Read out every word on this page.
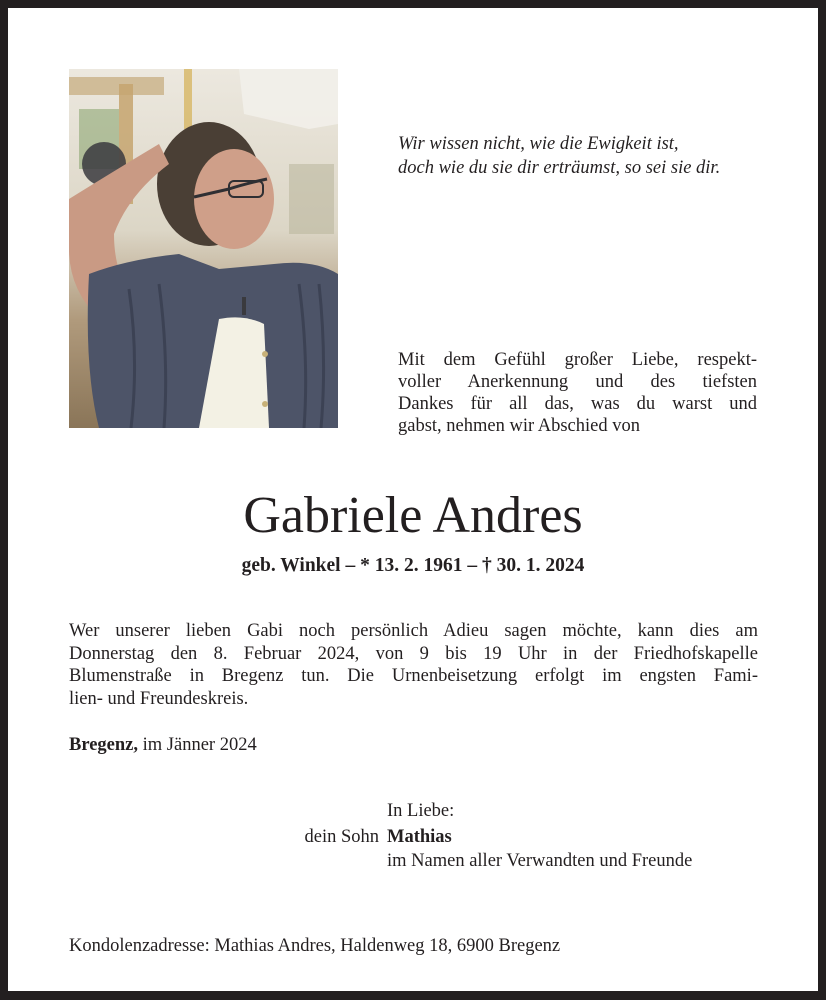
Wir wissen nicht, wie die Ewigkeit ist,
doch wie du sie dir erträumst, so sei sie dir.
Mit dem Gefühl großer Liebe, respekt-
voller Anerkennung und des tiefsten
Dankes für all das, was du warst und
gabst, nehmen wir Abschied von
Gabriele Andres
geb. Winkel – * 13. 2. 1961 – † 30. 1. 2024
Wer unserer lieben Gabi noch persönlich Adieu sagen möchte, kann dies am
Donnerstag den 8. Februar 2024, von 9 bis 19 Uhr in der Friedhofskapelle
Blumenstraße in Bregenz tun. Die Urnenbeisetzung erfolgt im engsten Fami-
lien- und Freundeskreis.
Bregenz, im Jänner 2024
In Liebe:
dein Sohn Mathias
im Namen aller Verwandten und Freunde
Kondolenzadresse: Mathias Andres, Haldenweg 18, 6900 Bregenz
